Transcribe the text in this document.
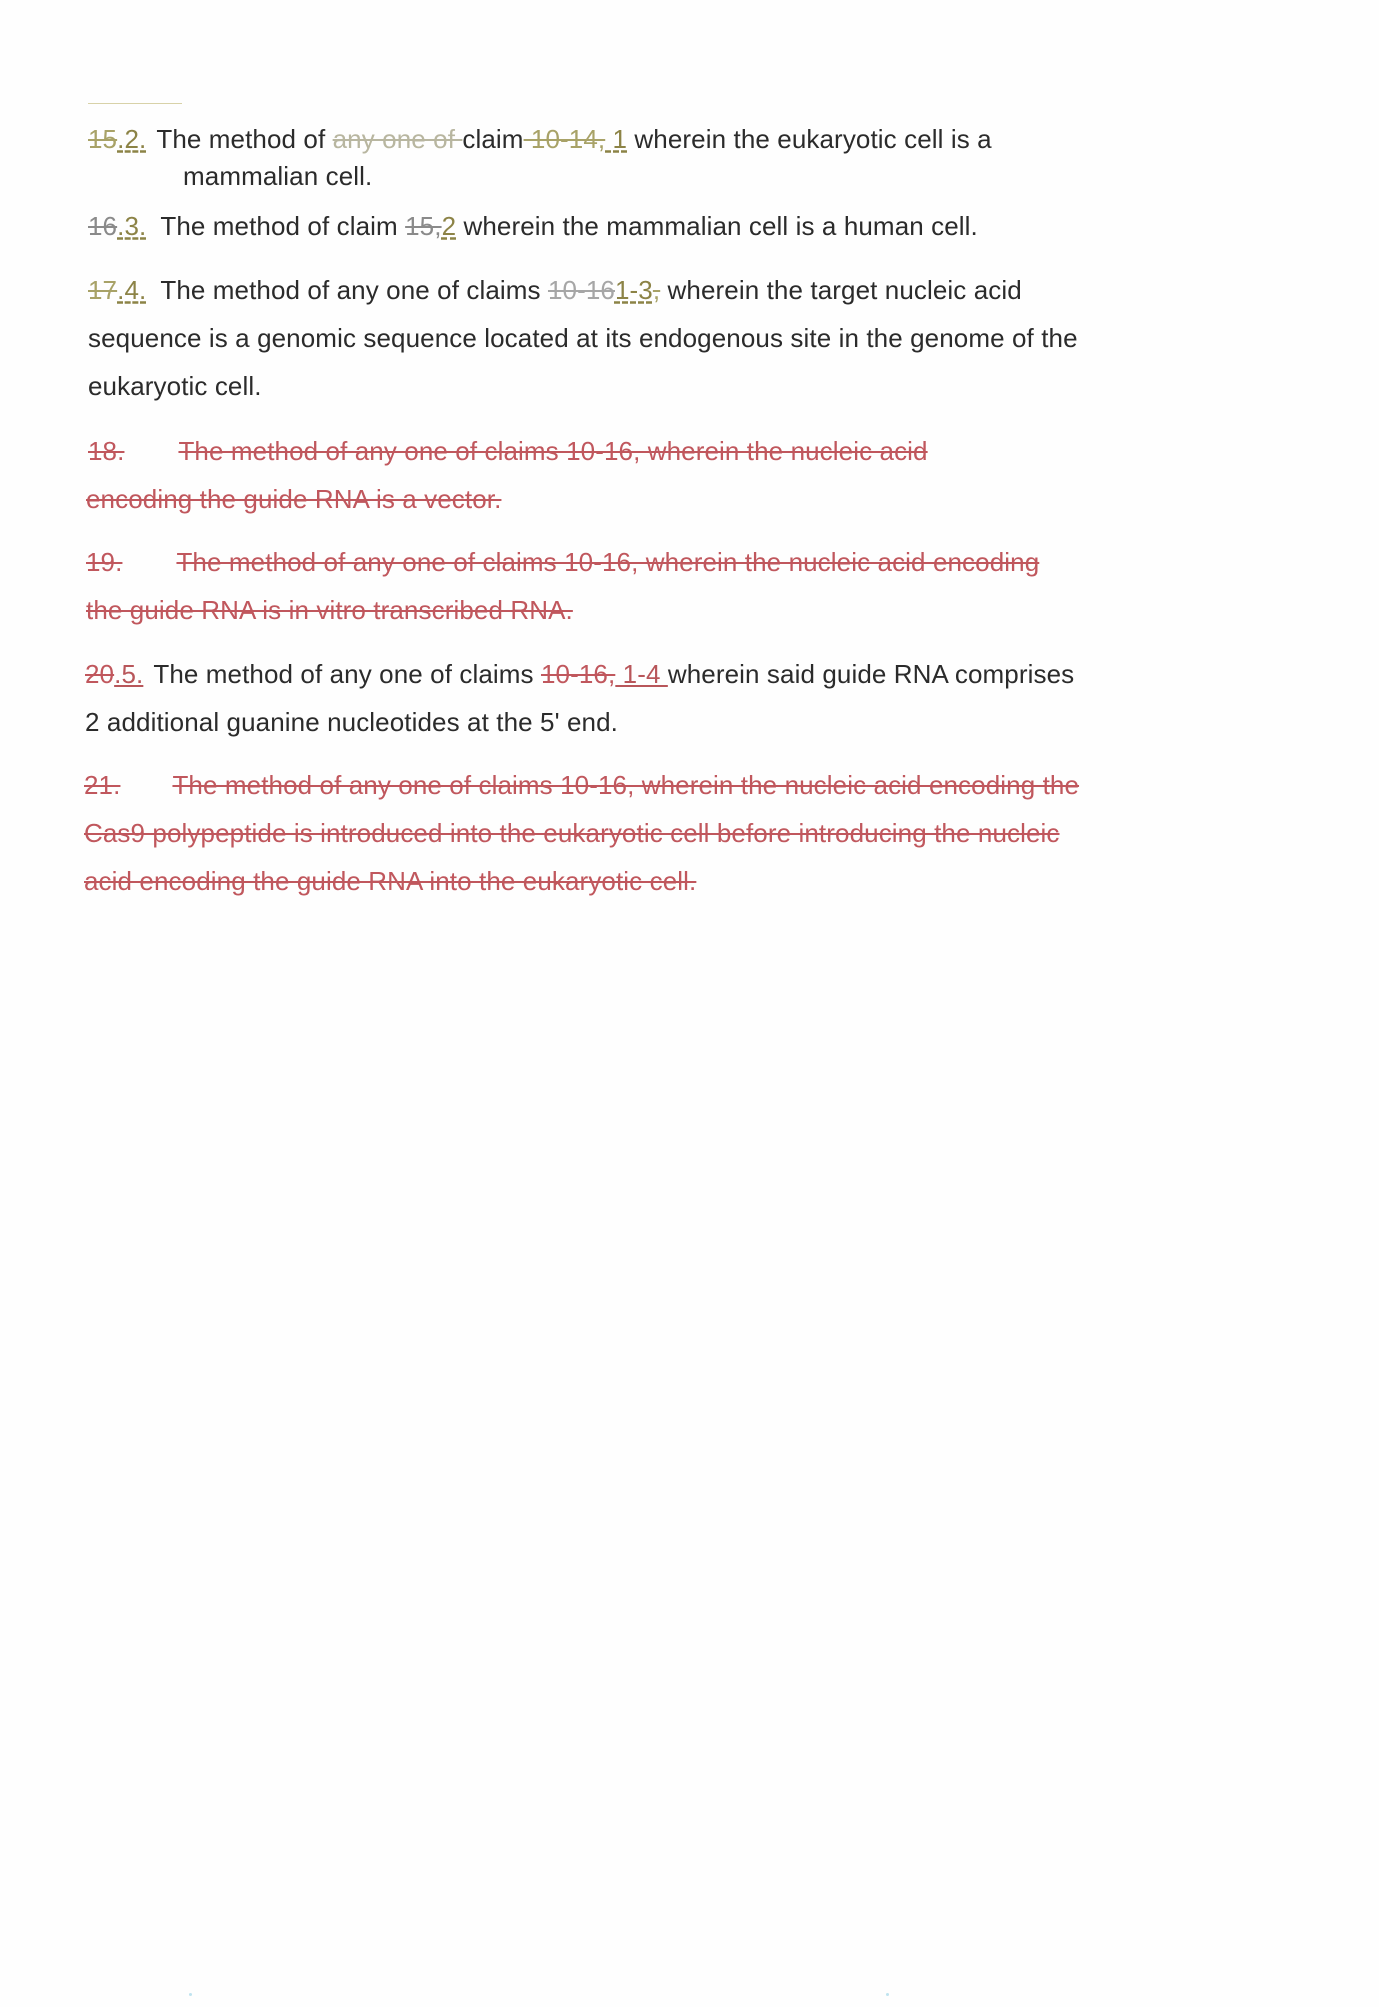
15.2. The method of any one of claim 10-14, 1 wherein the eukaryotic cell is a
mammalian cell.
16.3. The method of claim 15,2 wherein the mammalian cell is a human cell.
17.4. The method of any one of claims 10-161-3, wherein the target nucleic acid
sequence is a genomic sequence located at its endogenous site in the genome of the
eukaryotic cell.
18. The method of any one of claims 10-16, wherein the nucleic acid
encoding the guide RNA is a vector.
19. The method of any one of claims 10-16, wherein the nucleic acid encoding
the guide RNA is in vitro transcribed RNA.
20.5. The method of any one of claims 10-16, 1-4 wherein said guide RNA comprises
2 additional guanine nucleotides at the 5' end.
21. The method of any one of claims 10-16, wherein the nucleic acid encoding the
Cas9 polypeptide is introduced into the eukaryotic cell before introducing the nucleic
acid encoding the guide RNA into the eukaryotic cell.
